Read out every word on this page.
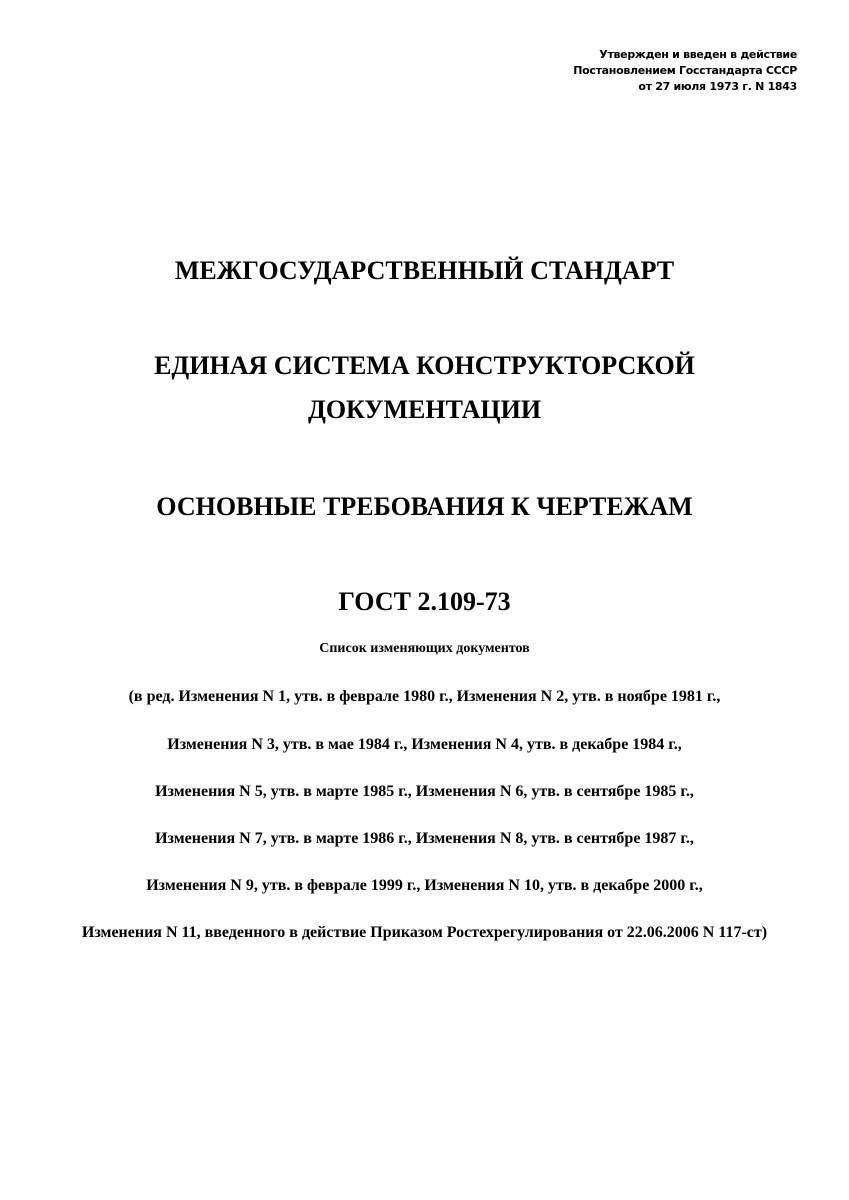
Утвержден и введен в действие
Постановлением Госстандарта СССР
от 27 июля 1973 г. N 1843
МЕЖГОСУДАРСТВЕННЫЙ СТАНДАРТ
ЕДИНАЯ СИСТЕМА КОНСТРУКТОРСКОЙ
ДОКУМЕНТАЦИИ
ОСНОВНЫЕ ТРЕБОВАНИЯ К ЧЕРТЕЖАМ
ГОСТ 2.109-73
Список изменяющих документов
(в ред. Изменения N 1, утв. в феврале 1980 г., Изменения N 2, утв. в ноябре 1981 г.,
Изменения N 3, утв. в мае 1984 г., Изменения N 4, утв. в декабре 1984 г.,
Изменения N 5, утв. в марте 1985 г., Изменения N 6, утв. в сентябре 1985 г.,
Изменения N 7, утв. в марте 1986 г., Изменения N 8, утв. в сентябре 1987 г.,
Изменения N 9, утв. в феврале 1999 г., Изменения N 10, утв. в декабре 2000 г.,
Изменения N 11, введенного в действие Приказом Ростехрегулирования от 22.06.2006 N 117-ст)
